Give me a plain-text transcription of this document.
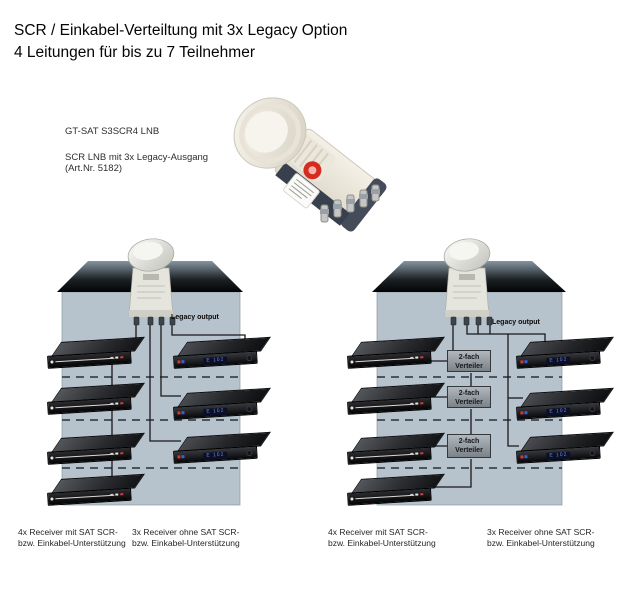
SCR / Einkabel-Verteiltung mit 3x Legacy Option
4 Leitungen für bis zu 7 Teilnehmer
GT-SAT S3SCR4 LNB
SCR LNB mit 3x Legacy-Ausgang
(Art.Nr. 5182)
Legacy output
E 102
E 102
E 102
Legacy output
2-fach
Verteiler
2-fach
Verteiler
2-fach
Verteiler
E 102
E 102
E 102
4x Receiver mit SAT SCR-
bzw. Einkabel-Unterstützung
3x Receiver ohne SAT SCR-
bzw. Einkabel-Unterstützung
4x Receiver mit SAT SCR-
bzw. Einkabel-Unterstützung
3x Receiver ohne SAT SCR-
bzw. Einkabel-Unterstützung
